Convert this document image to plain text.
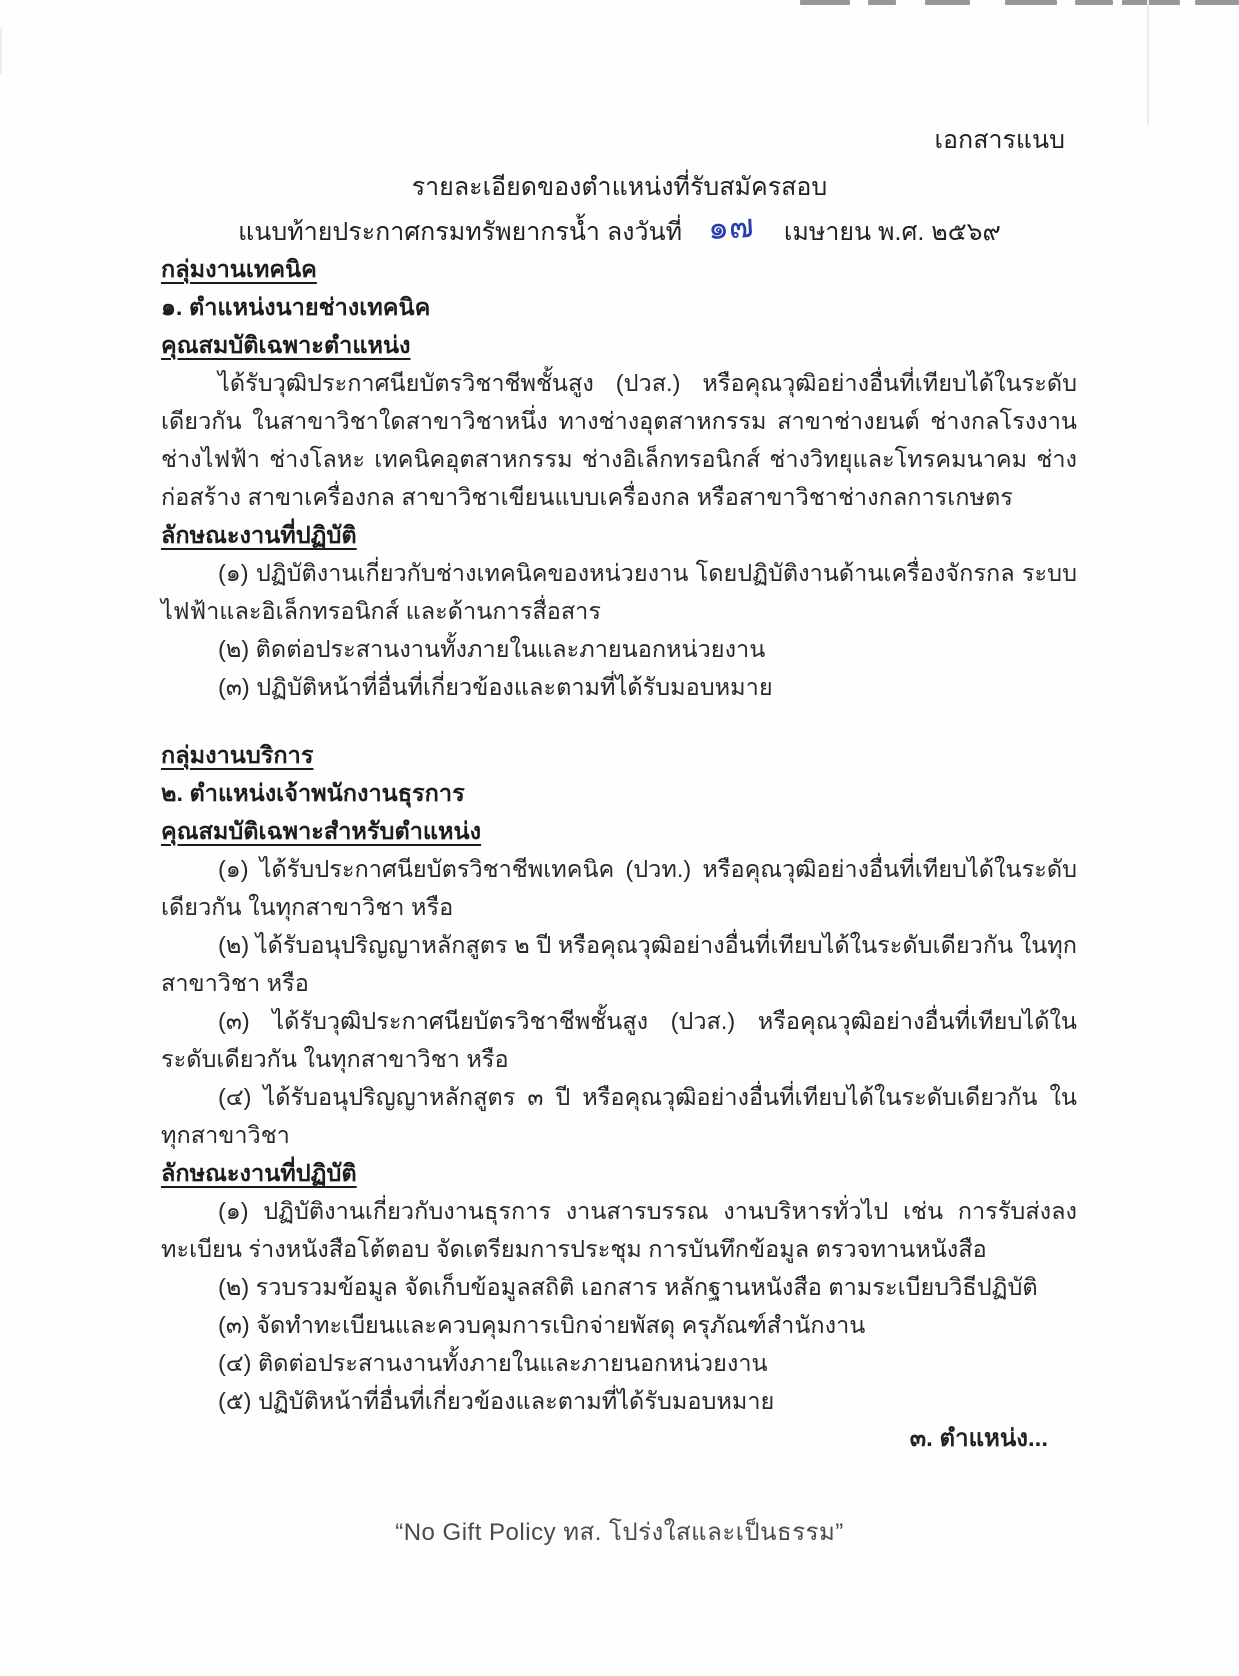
เอกสารแนบ
รายละเอียดของตำแหน่งที่รับสมัครสอบ
แนบท้ายประกาศกรมทรัพยากรน้ำ ลงวันที่ ๑๗ เมษายน พ.ศ. ๒๕๖๙
กลุ่มงานเทคนิค
๑. ตำแหน่งนายช่างเทคนิค
คุณสมบัติเฉพาะตำแหน่ง

ได้รับวุฒิประกาศนียบัตรวิชาชีพชั้นสูง (ปวส.) หรือคุณวุฒิอย่างอื่นที่เทียบได้ในระดับเดียวกัน ในสาขาวิชาใดสาขาวิชาหนึ่ง ทางช่างอุตสาหกรรม สาขาช่างยนต์ ช่างกลโรงงาน ช่างไฟฟ้า ช่างโลหะ เทคนิคอุตสาหกรรม ช่างอิเล็กทรอนิกส์ ช่างวิทยุและโทรคมนาคม ช่างก่อสร้าง สาขาเครื่องกล สาขาวิชาเขียนแบบเครื่องกล หรือสาขาวิชาช่างกลการเกษตร

ลักษณะงานที่ปฏิบัติ

(๑) ปฏิบัติงานเกี่ยวกับช่างเทคนิคของหน่วยงาน โดยปฏิบัติงานด้านเครื่องจักรกล ระบบไฟฟ้าและอิเล็กทรอนิกส์ และด้านการสื่อสาร

(๒) ติดต่อประสานงานทั้งภายในและภายนอกหน่วยงาน

(๓) ปฏิบัติหน้าที่อื่นที่เกี่ยวข้องและตามที่ได้รับมอบหมาย

กลุ่มงานบริการ
๒. ตำแหน่งเจ้าพนักงานธุรการ
คุณสมบัติเฉพาะสำหรับตำแหน่ง

(๑) ได้รับประกาศนียบัตรวิชาชีพเทคนิค (ปวท.) หรือคุณวุฒิอย่างอื่นที่เทียบได้ในระดับเดียวกัน ในทุกสาขาวิชา หรือ

(๒) ได้รับอนุปริญญาหลักสูตร ๒ ปี หรือคุณวุฒิอย่างอื่นที่เทียบได้ในระดับเดียวกัน ในทุกสาขาวิชา หรือ

(๓) ได้รับวุฒิประกาศนียบัตรวิชาชีพชั้นสูง (ปวส.) หรือคุณวุฒิอย่างอื่นที่เทียบได้ในระดับเดียวกัน ในทุกสาขาวิชา หรือ

(๔) ได้รับอนุปริญญาหลักสูตร ๓ ปี หรือคุณวุฒิอย่างอื่นที่เทียบได้ในระดับเดียวกัน ในทุกสาขาวิชา

ลักษณะงานที่ปฏิบัติ

(๑) ปฏิบัติงานเกี่ยวกับงานธุรการ งานสารบรรณ งานบริหารทั่วไป เช่น การรับส่งลงทะเบียน ร่างหนังสือโต้ตอบ จัดเตรียมการประชุม การบันทึกข้อมูล ตรวจทานหนังสือ

(๒) รวบรวมข้อมูล จัดเก็บข้อมูลสถิติ เอกสาร หลักฐานหนังสือ ตามระเบียบวิธีปฏิบัติ

(๓) จัดทำทะเบียนและควบคุมการเบิกจ่ายพัสดุ ครุภัณฑ์สำนักงาน

(๔) ติดต่อประสานงานทั้งภายในและภายนอกหน่วยงาน

(๕) ปฏิบัติหน้าที่อื่นที่เกี่ยวข้องและตามที่ได้รับมอบหมาย

๓. ตำแหน่ง...
“No Gift Policy ทส. โปร่งใสและเป็นธรรม”
